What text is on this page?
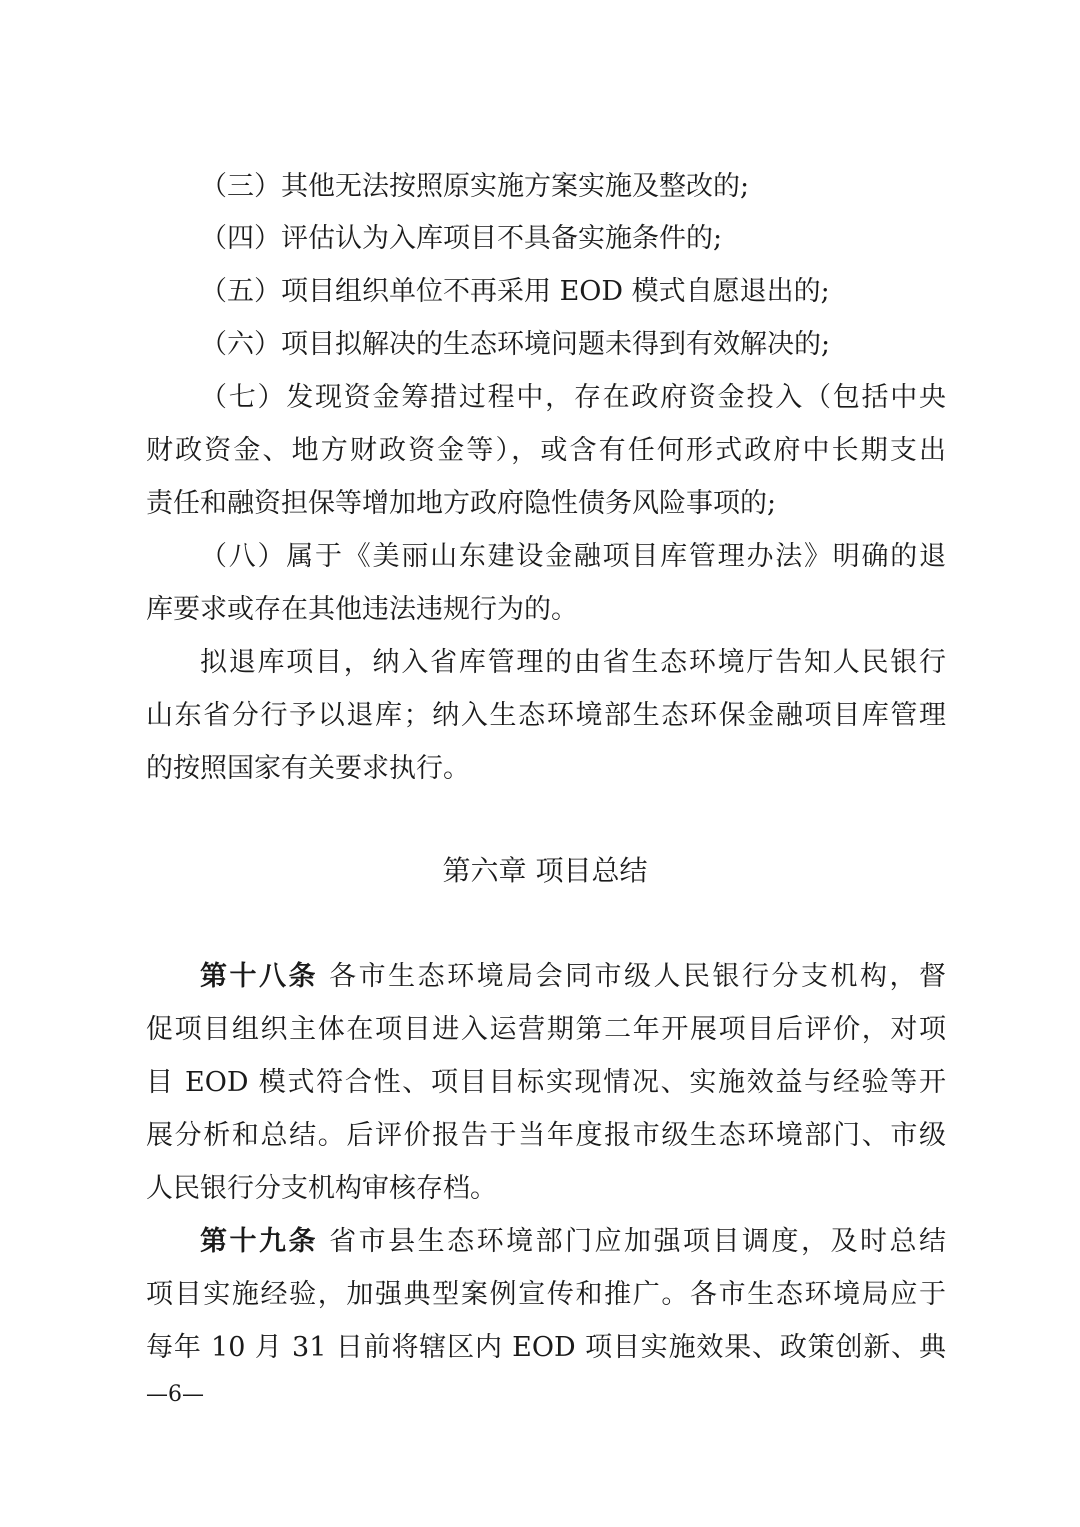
（三）其他无法按照原实施方案实施及整改的;
（四）评估认为入库项目不具备实施条件的;
（五）项目组织单位不再采用 EOD 模式自愿退出的;
（六）项目拟解决的生态环境问题未得到有效解决的;
（七）发现资金筹措过程中，存在政府资金投入（包括中央
财政资金、地方财政资金等），或含有任何形式政府中长期支出
责任和融资担保等增加地方政府隐性债务风险事项的;
（八）属于《美丽山东建设金融项目库管理办法》明确的退
库要求或存在其他违法违规行为的。
拟退库项目，纳入省库管理的由省生态环境厅告知人民银行
山东省分行予以退库；纳入生态环境部生态环保金融项目库管理
的按照国家有关要求执行。
第六章 项目总结
第十八条 各市生态环境局会同市级人民银行分支机构，督
促项目组织主体在项目进入运营期第二年开展项目后评价，对项
目 EOD 模式符合性、项目目标实现情况、实施效益与经验等开
展分析和总结。后评价报告于当年度报市级生态环境部门、市级
人民银行分支机构审核存档。
第十九条 省市县生态环境部门应加强项目调度，及时总结
项目实施经验，加强典型案例宣传和推广。各市生态环境局应于
每年 10 月 31 日前将辖区内 EOD 项目实施效果、政策创新、典
—6—
